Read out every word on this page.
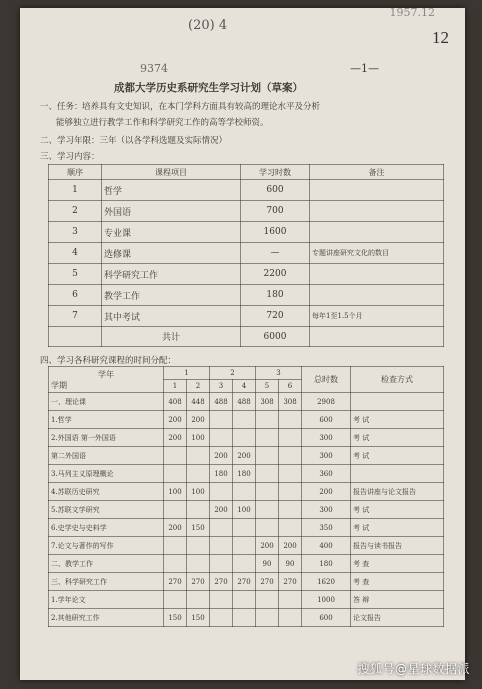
(20) 4
1957.12
12
9374	—1—
成都大学历史系研究生学习计划（草案）
一、任务： 培养具有文史知识，在本门学科方面具有较高的理论水平及分析
能够独立进行教学工作和科学研究工作的高等学校师资。
二、学习年限：三年（以各学科选题及实际情况）
三、学习内容：
顺序	课程项目	学习时数	备注
1	哲学	600	
2	外国语	700	
3	专业课	1600	
4	选修课	—	专题讲座研究文化的数目
5	科学研究工作	2200	
6	教学工作	180	
7	其中考试	720	每年1至1.5个月
	共计	6000	
四、学习各科研究课程的时间分配：
学年
学期	1		2		3		总时数	检查方式
	1	2	3	4	5	6		
一、理论课	408	448	488	488	308	308	2908	
1.哲学	200	200					600	考 试
2.外国语 第一外国语	200	100					300	考 试
第二外国语			200	200			300	考 试
3.马列主义原理概论			180	180			360	
4.苏联历史研究	100	100					200	报告讲座与论文报告
5.苏联文学研究			200	100			300	考 试
6.史学史与史料学	200	150					350	考 试
7.论文与著作的写作					200	200	400	报告与读书报告
二、教学工作					90	90	180	考 查
三、科学研究工作	270	270	270	270	270	270	1620	考 查
1.学年论文							1000	答 辩
2.其他研究工作	150	150					600	论文报告
搜狐号@星球数据派
